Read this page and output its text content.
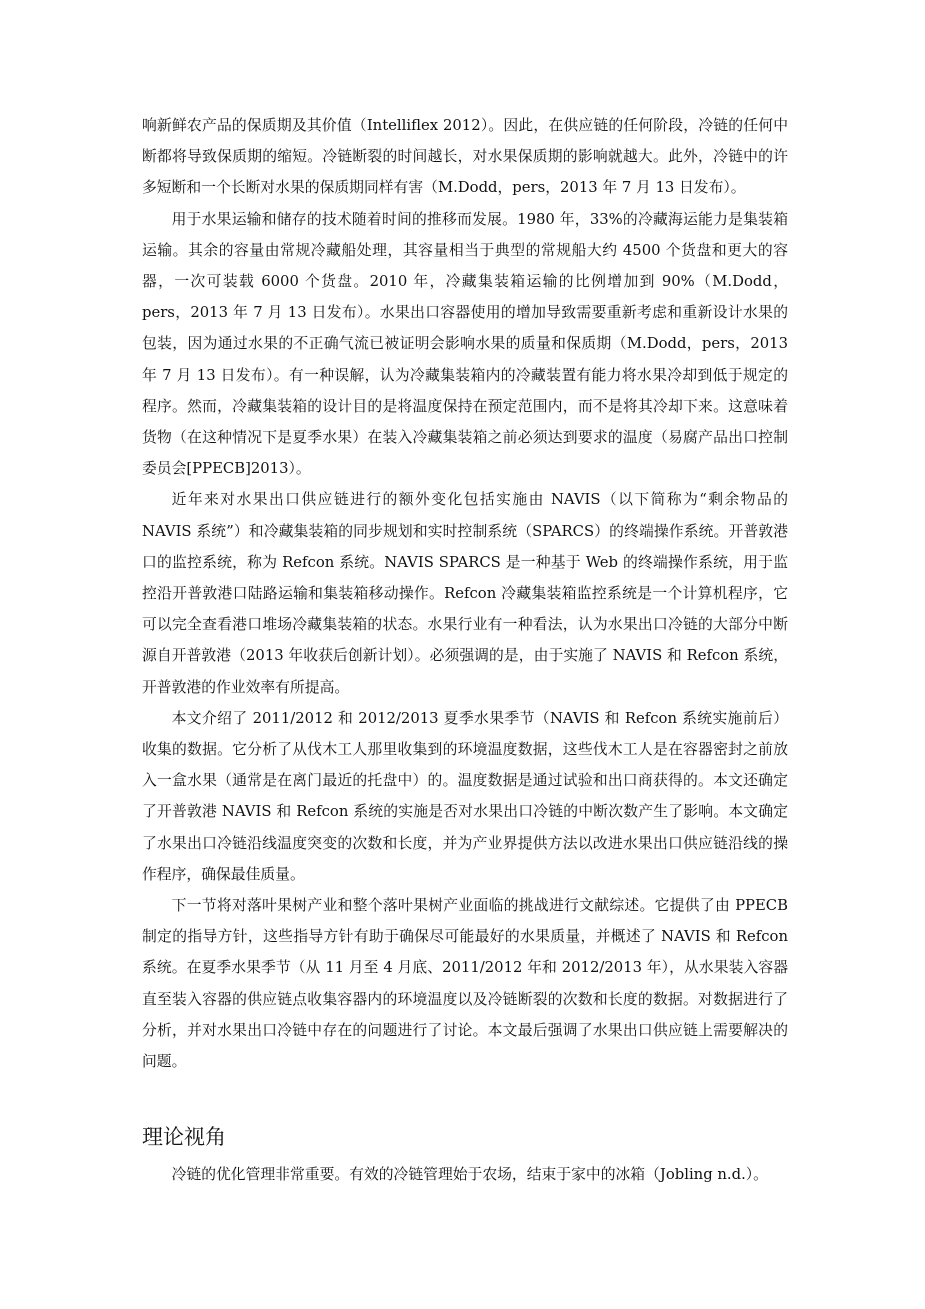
响新鲜农产品的保质期及其价值（Intelliflex 2012）。因此，在供应链的任何阶段，冷链的任何中断都将导致保质期的缩短。冷链断裂的时间越长，对水果保质期的影响就越大。此外，冷链中的许多短断和一个长断对水果的保质期同样有害（M.Dodd，pers，2013 年 7 月 13 日发布）。

用于水果运输和储存的技术随着时间的推移而发展。1980 年，33%的冷藏海运能力是集装箱运输。其余的容量由常规冷藏船处理，其容量相当于典型的常规船大约 4500 个货盘和更大的容器，一次可装载 6000 个货盘。2010 年，冷藏集装箱运输的比例增加到 90%（M.Dodd，pers，2013 年 7 月 13 日发布）。水果出口容器使用的增加导致需要重新考虑和重新设计水果的包装，因为通过水果的不正确气流已被证明会影响水果的质量和保质期（M.Dodd，pers，2013 年 7 月 13 日发布）。有一种误解，认为冷藏集装箱内的冷藏装置有能力将水果冷却到低于规定的程序。然而，冷藏集装箱的设计目的是将温度保持在预定范围内，而不是将其冷却下来。这意味着货物（在这种情况下是夏季水果）在装入冷藏集装箱之前必须达到要求的温度（易腐产品出口控制委员会[PPECB]2013）。

近年来对水果出口供应链进行的额外变化包括实施由 NAVIS（以下简称为“剩余物品的 NAVIS 系统”）和冷藏集装箱的同步规划和实时控制系统（SPARCS）的终端操作系统。开普敦港口的监控系统，称为 Refcon 系统。NAVIS SPARCS 是一种基于 Web 的终端操作系统，用于监控沿开普敦港口陆路运输和集装箱移动操作。Refcon 冷藏集装箱监控系统是一个计算机程序，它可以完全查看港口堆场冷藏集装箱的状态。水果行业有一种看法，认为水果出口冷链的大部分中断源自开普敦港（2013 年收获后创新计划）。必须强调的是，由于实施了 NAVIS 和 Refcon 系统，开普敦港的作业效率有所提高。

本文介绍了 2011/2012 和 2012/2013 夏季水果季节（NAVIS 和 Refcon 系统实施前后）收集的数据。它分析了从伐木工人那里收集到的环境温度数据，这些伐木工人是在容器密封之前放入一盒水果（通常是在离门最近的托盘中）的。温度数据是通过试验和出口商获得的。本文还确定了开普敦港 NAVIS 和 Refcon 系统的实施是否对水果出口冷链的中断次数产生了影响。本文确定了水果出口冷链沿线温度突变的次数和长度，并为产业界提供方法以改进水果出口供应链沿线的操作程序，确保最佳质量。

下一节将对落叶果树产业和整个落叶果树产业面临的挑战进行文献综述。它提供了由 PPECB 制定的指导方针，这些指导方针有助于确保尽可能最好的水果质量，并概述了 NAVIS 和 Refcon 系统。在夏季水果季节（从 11 月至 4 月底、2011/2012 年和 2012/2013 年），从水果装入容器直至装入容器的供应链点收集容器内的环境温度以及冷链断裂的次数和长度的数据。对数据进行了分析，并对水果出口冷链中存在的问题进行了讨论。本文最后强调了水果出口供应链上需要解决的问题。

理论视角

冷链的优化管理非常重要。有效的冷链管理始于农场，结束于家中的冰箱（Jobling n.d.）。
